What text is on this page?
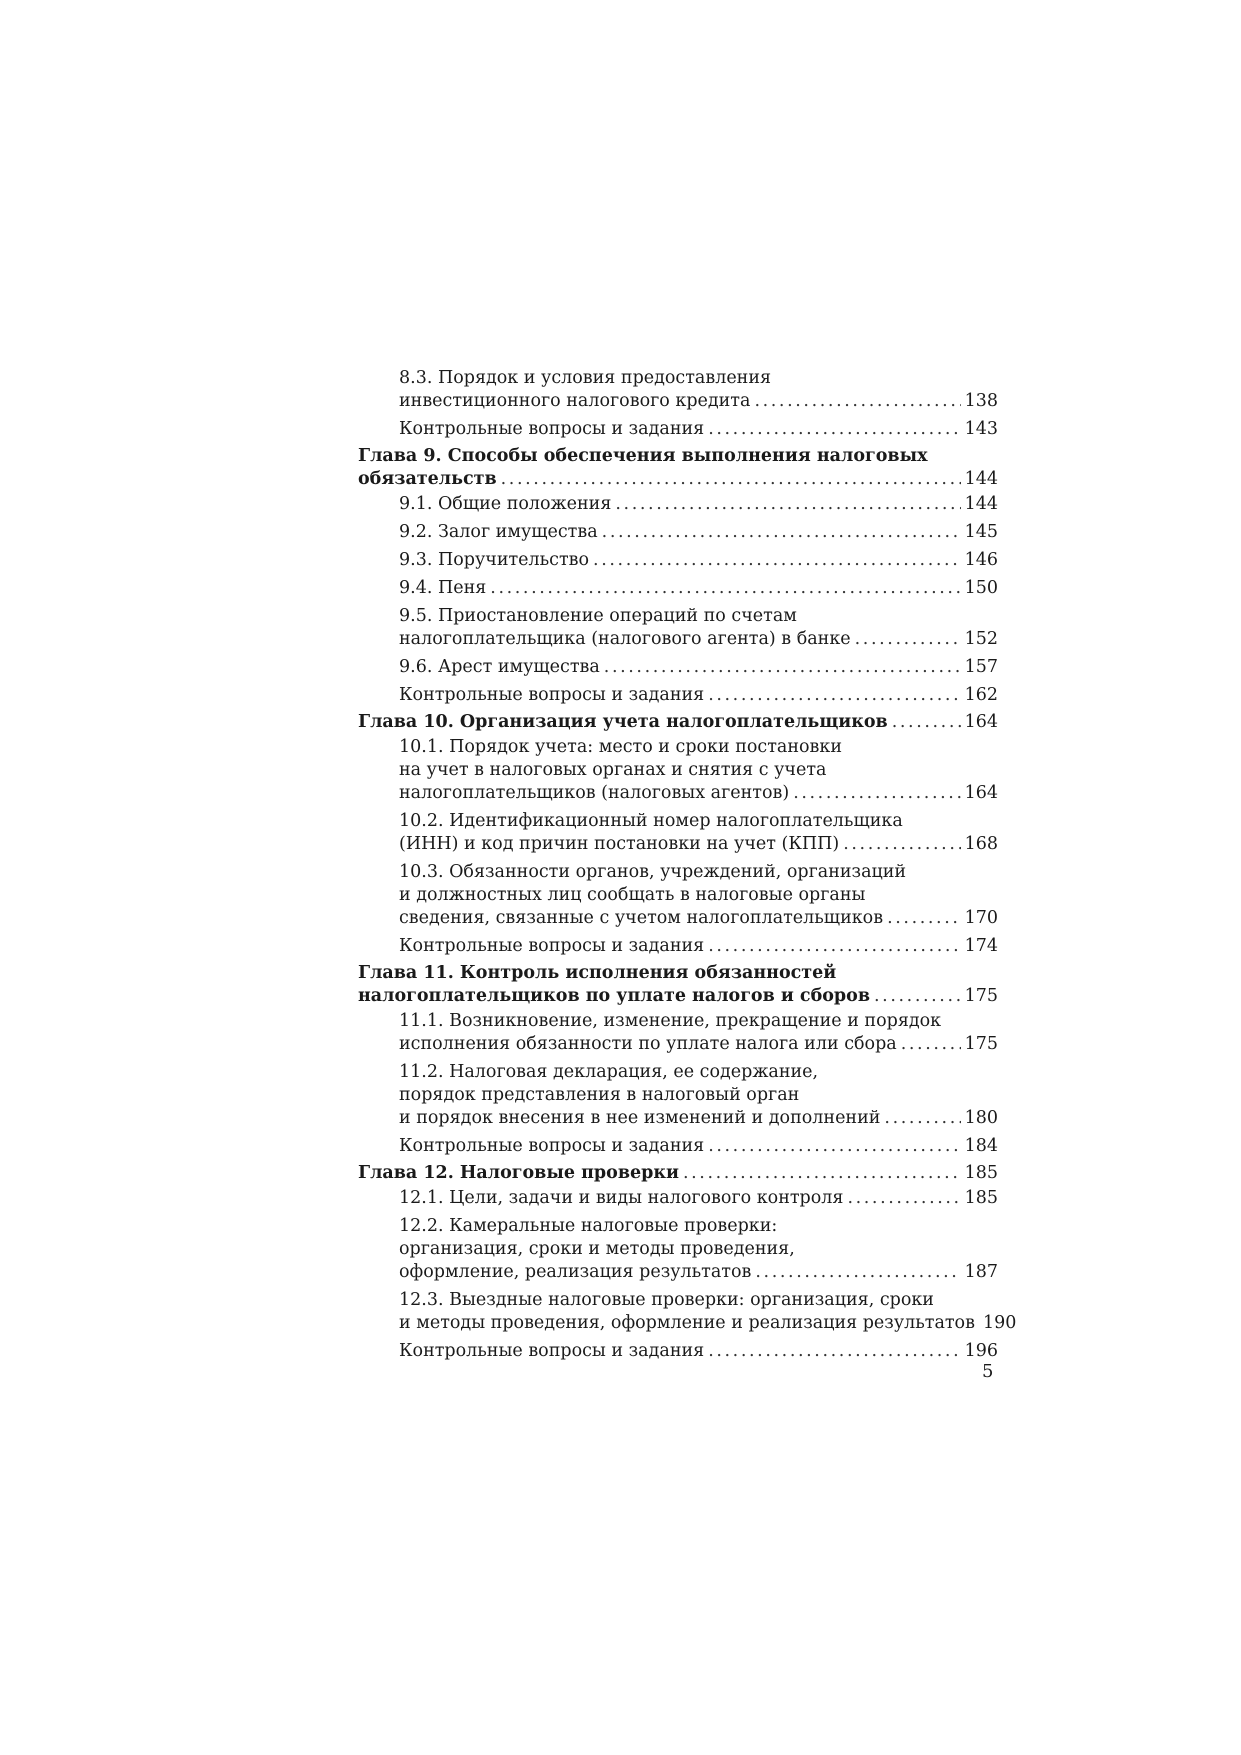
8.3. Порядок и условия предоставления
инвестиционного налогового кредита .....	138
Контрольные вопросы и задания .....	143
Глава 9. Способы обеспечения выполнения налоговых
обязательств .....	144
9.1. Общие положения .....	144
9.2. Залог имущества .....	145
9.3. Поручительство .....	146
9.4. Пеня .....	150
9.5. Приостановление операций по счетам
налогоплательщика (налогового агента) в банке .....	152
9.6. Арест имущества .....	157
Контрольные вопросы и задания .....	162
Глава 10. Организация учета налогоплательщиков .....	164
10.1. Порядок учета: место и сроки постановки
на учет в налоговых органах и снятия с учета
налогоплательщиков (налоговых агентов) .....	164
10.2. Идентификационный номер налогоплательщика
(ИНН) и код причин постановки на учет (КПП) .....	168
10.3. Обязанности органов, учреждений, организаций
и должностных лиц сообщать в налоговые органы
сведения, связанные с учетом налогоплательщиков .....	170
Контрольные вопросы и задания .....	174
Глава 11. Контроль исполнения обязанностей
налогоплательщиков по уплате налогов и сборов .....	175
11.1. Возникновение, изменение, прекращение и порядок
исполнения обязанности по уплате налога или сбора .....	175
11.2. Налоговая декларация, ее содержание,
порядок представления в налоговый орган
и порядок внесения в нее изменений и дополнений .....	180
Контрольные вопросы и задания .....	184
Глава 12. Налоговые проверки .....	185
12.1. Цели, задачи и виды налогового контроля .....	185
12.2. Камеральные налоговые проверки:
организация, сроки и методы проведения,
оформление, реализация результатов .....	187
12.3. Выездные налоговые проверки: организация, сроки
и методы проведения, оформление и реализация результатов 190
Контрольные вопросы и задания .....	196
5
